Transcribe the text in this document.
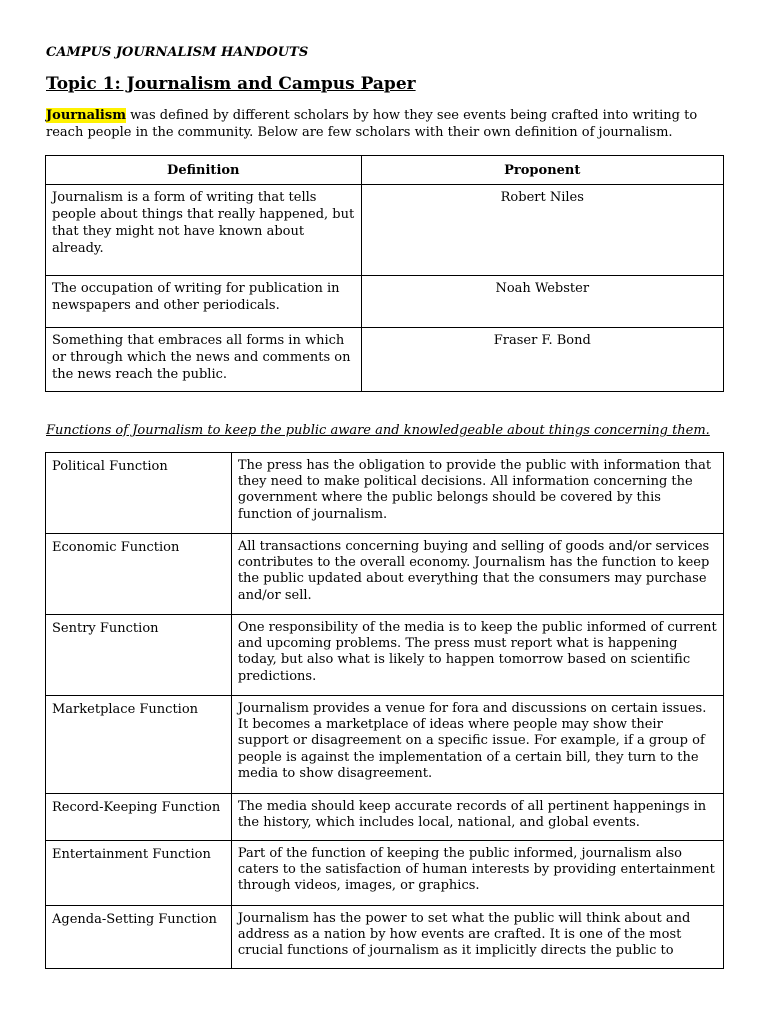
CAMPUS JOURNALISM HANDOUTS
Topic 1: Journalism and Campus Paper
Journalism was defined by different scholars by how they see events being crafted into writing to reach people in the community. Below are few scholars with their own definition of journalism.
Definition	Proponent
Journalism is a form of writing that tells people about things that really happened, but that they might not have known about already.	Robert Niles
The occupation of writing for publication in newspapers and other periodicals.	Noah Webster
Something that embraces all forms in which or through which the news and comments on the news reach the public.	Fraser F. Bond
Functions of Journalism to keep the public aware and knowledgeable about things concerning them.
Political Function	The press has the obligation to provide the public with information that they need to make political decisions. All information concerning the government where the public belongs should be covered by this function of journalism.
Economic Function	All transactions concerning buying and selling of goods and/or services contributes to the overall economy. Journalism has the function to keep the public updated about everything that the consumers may purchase and/or sell.
Sentry Function	One responsibility of the media is to keep the public informed of current and upcoming problems. The press must report what is happening today, but also what is likely to happen tomorrow based on scientific predictions.
Marketplace Function	Journalism provides a venue for fora and discussions on certain issues. It becomes a marketplace of ideas where people may show their support or disagreement on a specific issue. For example, if a group of people is against the implementation of a certain bill, they turn to the media to show disagreement.
Record-Keeping Function	The media should keep accurate records of all pertinent happenings in the history, which includes local, national, and global events.
Entertainment Function	Part of the function of keeping the public informed, journalism also caters to the satisfaction of human interests by providing entertainment through videos, images, or graphics.
Agenda-Setting Function	Journalism has the power to set what the public will think about and address as a nation by how events are crafted. It is one of the most crucial functions of journalism as it implicitly directs the public to
